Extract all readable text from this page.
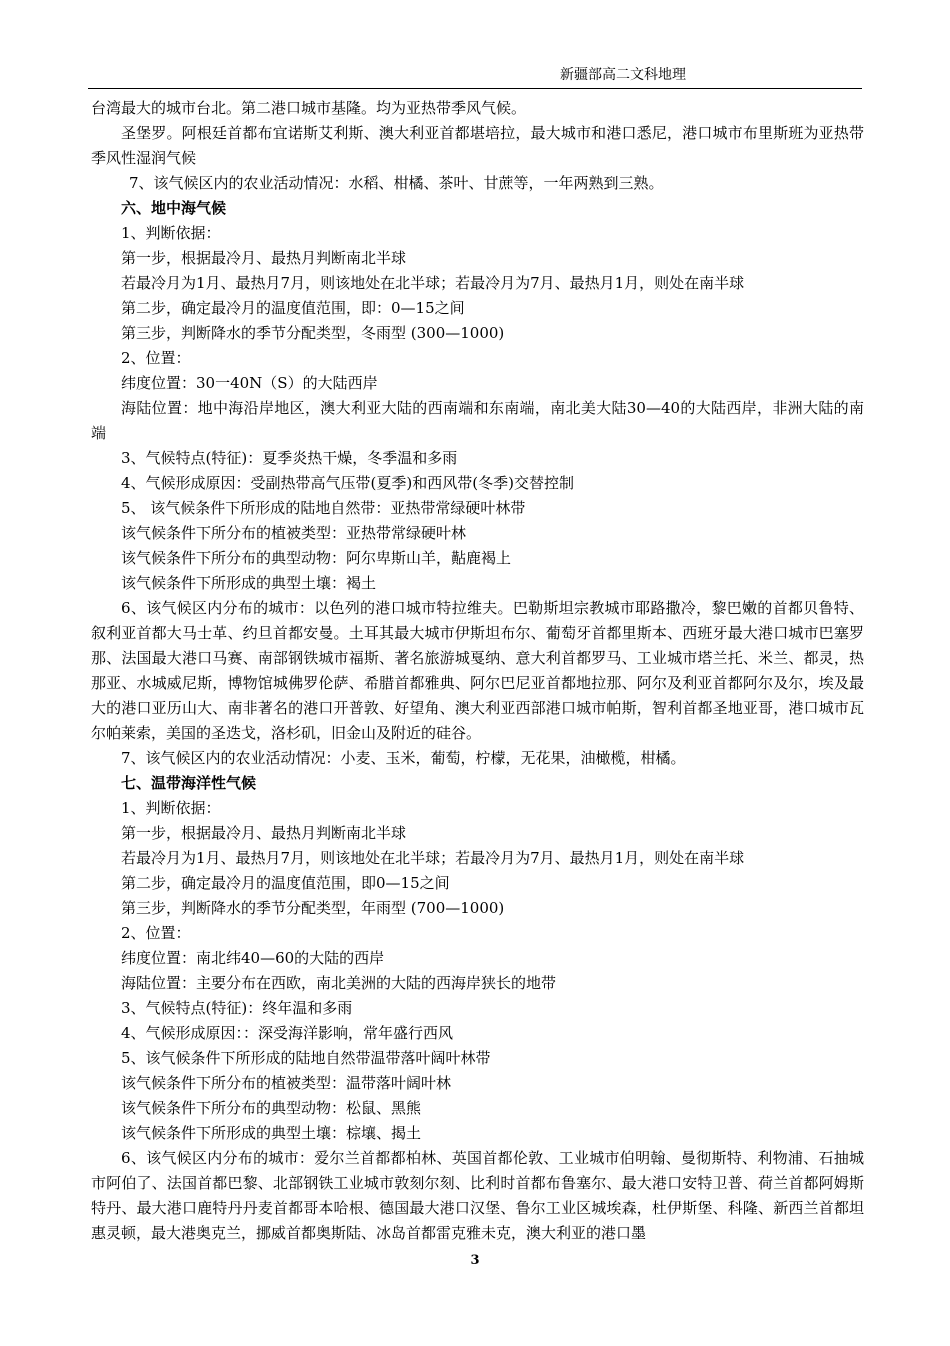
新疆部高二文科地理

台湾最大的城市台北。第二港口城市基隆。均为亚热带季风气候。

圣堡罗。阿根廷首都布宜诺斯艾利斯、澳大利亚首都堪培拉，最大城市和港口悉尼，港口城市布里斯班为亚热带季风性湿润气候

7、该气候区内的农业活动情况：水稻、柑橘、茶叶、甘蔗等，一年两熟到三熟。

六、地中海气候

1、判断依据：

第一步，根据最冷月、最热月判断南北半球

若最冷月为1月、最热月7月，则该地处在北半球；若最冷月为7月、最热月1月，则处在南半球

第二步，确定最冷月的温度值范围，即：0—15之间

第三步，判断降水的季节分配类型，冬雨型 (300—1000)

2、位置：

纬度位置：30一40N（S）的大陆西岸

海陆位置：地中海沿岸地区，澳大利亚大陆的西南端和东南端，南北美大陆30—40的大陆西岸，非洲大陆的南端

3、气候特点(特征)：夏季炎热干燥，冬季温和多雨

4、气候形成原因：受副热带高气压带(夏季)和西风带(冬季)交替控制

5、 该气候条件下所形成的陆地自然带：亚热带常绿硬叶林带

该气候条件下所分布的植被类型：亚热带常绿硬叶林

该气候条件下所分布的典型动物：阿尔卑斯山羊，黇鹿褐上

该气候条件下所形成的典型土壤：褐土

6、该气候区内分布的城市：以色列的港口城市特拉维夫。巴勒斯坦宗教城市耶路撒冷，黎巴嫩的首都贝鲁特、叙利亚首都大马士革、约旦首都安曼。土耳其最大城市伊斯坦布尔、葡萄牙首都里斯本、西班牙最大港口城市巴塞罗那、法国最大港口马赛、南部钢铁城市福斯、著名旅游城戛纳、意大利首都罗马、工业城市塔兰托、米兰、都灵，热那亚、水城威尼斯，博物馆城佛罗伦萨、希腊首都雅典、阿尔巴尼亚首都地拉那、阿尔及利亚首都阿尔及尔，埃及最大的港口亚历山大、南非著名的港口开普敦、好望角、澳大利亚西部港口城市帕斯，智利首都圣地亚哥，港口城市瓦尔帕莱索，美国的圣迭戈，洛杉矶，旧金山及附近的硅谷。

7、该气候区内的农业活动情况：小麦、玉米，葡萄，柠檬，无花果，油橄榄，柑橘。

七、温带海洋性气候

1、判断依据：

第一步，根据最冷月、最热月判断南北半球

若最冷月为1月、最热月7月，则该地处在北半球；若最冷月为7月、最热月1月，则处在南半球

第二步，确定最冷月的温度值范围，即0—15之间

第三步，判断降水的季节分配类型，年雨型 (700—1000)

2、位置：

纬度位置：南北纬40—60的大陆的西岸

海陆位置：主要分布在西欧，南北美洲的大陆的西海岸狭长的地带

3、气候特点(特征)：终年温和多雨

4、气候形成原因：：深受海洋影响，常年盛行西风

5、该气候条件下所形成的陆地自然带温带落叶阔叶林带

该气候条件下所分布的植被类型：温带落叶阔叶林

该气候条件下所分布的典型动物：松鼠、黑熊

该气候条件下所形成的典型土壤：棕壤、揭土

6、该气候区内分布的城市：爱尔兰首都都柏林、英国首都伦敦、工业城市伯明翰、曼彻斯特、利物浦、石抽城市阿伯了、法国首都巴黎、北部钢铁工业城市敦刻尔刻、比利时首都布鲁塞尔、最大港口安特卫普、荷兰首都阿姆斯特丹、最大港口鹿特丹丹麦首都哥本哈根、德国最大港口汉堡、鲁尔工业区城埃森，杜伊斯堡、科隆、新西兰首都坦惠灵顿，最大港奥克兰，挪威首都奥斯陆、冰岛首都雷克雅未克，澳大利亚的港口墨

3
